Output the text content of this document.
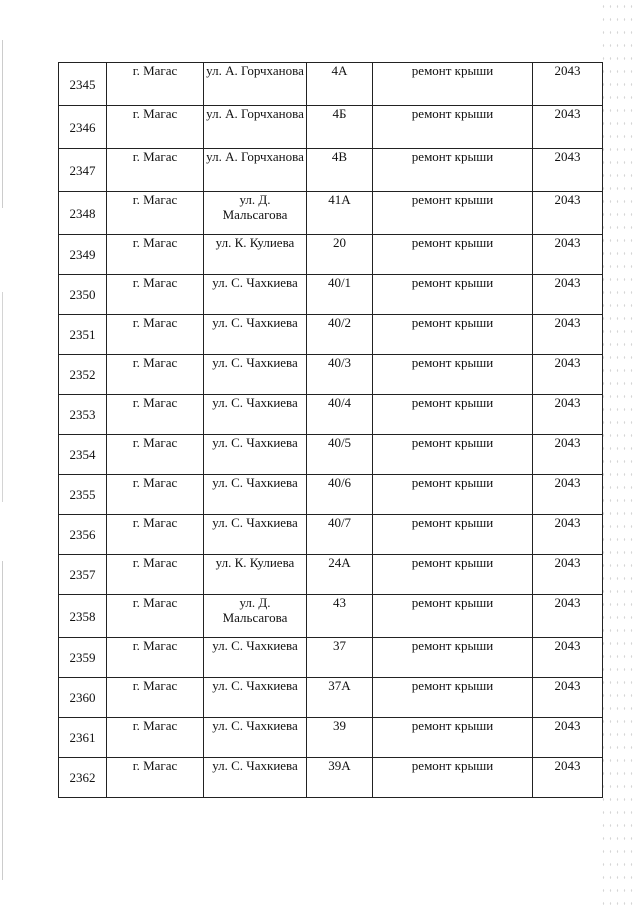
2345	г. Магас	ул. А. Горчханова	4А	ремонт крыши	2043
2346	г. Магас	ул. А. Горчханова	4Б	ремонт крыши	2043
2347	г. Магас	ул. А. Горчханова	4В	ремонт крыши	2043
2348	г. Магас	ул. Д. Мальсагова	41А	ремонт крыши	2043
2349	г. Магас	ул. К. Кулиева	20	ремонт крыши	2043
2350	г. Магас	ул. С. Чахкиева	40/1	ремонт крыши	2043
2351	г. Магас	ул. С. Чахкиева	40/2	ремонт крыши	2043
2352	г. Магас	ул. С. Чахкиева	40/3	ремонт крыши	2043
2353	г. Магас	ул. С. Чахкиева	40/4	ремонт крыши	2043
2354	г. Магас	ул. С. Чахкиева	40/5	ремонт крыши	2043
2355	г. Магас	ул. С. Чахкиева	40/6	ремонт крыши	2043
2356	г. Магас	ул. С. Чахкиева	40/7	ремонт крыши	2043
2357	г. Магас	ул. К. Кулиева	24А	ремонт крыши	2043
2358	г. Магас	ул. Д. Мальсагова	43	ремонт крыши	2043
2359	г. Магас	ул. С. Чахкиева	37	ремонт крыши	2043
2360	г. Магас	ул. С. Чахкиева	37А	ремонт крыши	2043
2361	г. Магас	ул. С. Чахкиева	39	ремонт крыши	2043
2362	г. Магас	ул. С. Чахкиева	39А	ремонт крыши	2043
